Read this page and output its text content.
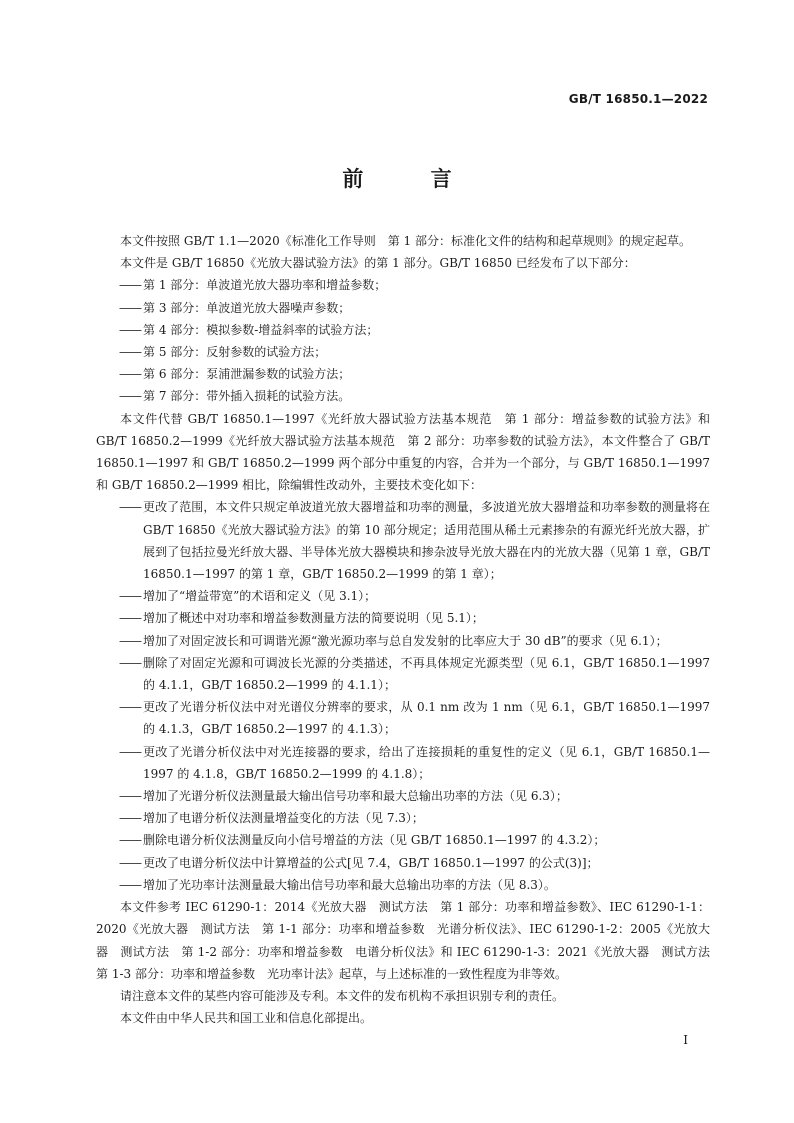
GB/T 16850.1—2022
前 言

本文件按照 GB/T 1.1—2020《标准化工作导则　第 1 部分：标准化文件的结构和起草规则》的规定起草。

本文件是 GB/T 16850《光放大器试验方法》的第 1 部分。GB/T 16850 已经发布了以下部分：

—— 第 1 部分：单波道光放大器功率和增益参数；
—— 第 3 部分：单波道光放大器噪声参数；
—— 第 4 部分：模拟参数-增益斜率的试验方法；
—— 第 5 部分：反射参数的试验方法；
—— 第 6 部分：泵浦泄漏参数的试验方法；
—— 第 7 部分：带外插入损耗的试验方法。

本文件代替 GB/T 16850.1—1997《光纤放大器试验方法基本规范　第 1 部分：增益参数的试验方法》和 GB/T 16850.2—1999《光纤放大器试验方法基本规范　第 2 部分：功率参数的试验方法》，本文件整合了 GB/T 16850.1—1997 和 GB/T 16850.2—1999 两个部分中重复的内容，合并为一个部分，与 GB/T 16850.1—1997 和 GB/T 16850.2—1999 相比，除编辑性改动外，主要技术变化如下：

—— 更改了范围，本文件只规定单波道光放大器增益和功率的测量，多波道光放大器增益和功率参数的测量将在 GB/T 16850《光放大器试验方法》的第 10 部分规定；适用范围从稀土元素掺杂的有源光纤光放大器，扩展到了包括拉曼光纤放大器、半导体光放大器模块和掺杂波导光放大器在内的光放大器（见第 1 章，GB/T 16850.1—1997 的第 1 章，GB/T 16850.2—1999 的第 1 章）；
—— 增加了“增益带宽”的术语和定义（见 3.1）；
—— 增加了概述中对功率和增益参数测量方法的简要说明（见 5.1）；
—— 增加了对固定波长和可调谐光源“激光源功率与总自发发射的比率应大于 30 dB”的要求（见 6.1）；
—— 删除了对固定光源和可调波长光源的分类描述，不再具体规定光源类型（见 6.1，GB/T 16850.1—1997 的 4.1.1，GB/T 16850.2—1999 的 4.1.1）；
—— 更改了光谱分析仪法中对光谱仪分辨率的要求，从 0.1 nm 改为 1 nm（见 6.1，GB/T 16850.1—1997 的 4.1.3，GB/T 16850.2—1997 的 4.1.3）；
—— 更改了光谱分析仪法中对光连接器的要求，给出了连接损耗的重复性的定义（见 6.1，GB/T 16850.1—1997 的 4.1.8，GB/T 16850.2—1999 的 4.1.8）；
—— 增加了光谱分析仪法测量最大输出信号功率和最大总输出功率的方法（见 6.3）；
—— 增加了电谱分析仪法测量增益变化的方法（见 7.3）；
—— 删除电谱分析仪法测量反向小信号增益的方法（见 GB/T 16850.1—1997 的 4.3.2）；
—— 更改了电谱分析仪法中计算增益的公式[见 7.4，GB/T 16850.1—1997 的公式(3)]；
—— 增加了光功率计法测量最大输出信号功率和最大总输出功率的方法（见 8.3）。

本文件参考 IEC 61290-1：2014《光放大器　测试方法　第 1 部分：功率和增益参数》、IEC 61290-1-1：2020《光放大器　测试方法　第 1-1 部分：功率和增益参数　光谱分析仪法》、IEC 61290-1-2：2005《光放大器　测试方法　第 1-2 部分：功率和增益参数　电谱分析仪法》和 IEC 61290-1-3：2021《光放大器　测试方法　第 1-3 部分：功率和增益参数　光功率计法》起草，与上述标准的一致性程度为非等效。

请注意本文件的某些内容可能涉及专利。本文件的发布机构不承担识别专利的责任。

本文件由中华人民共和国工业和信息化部提出。

I
